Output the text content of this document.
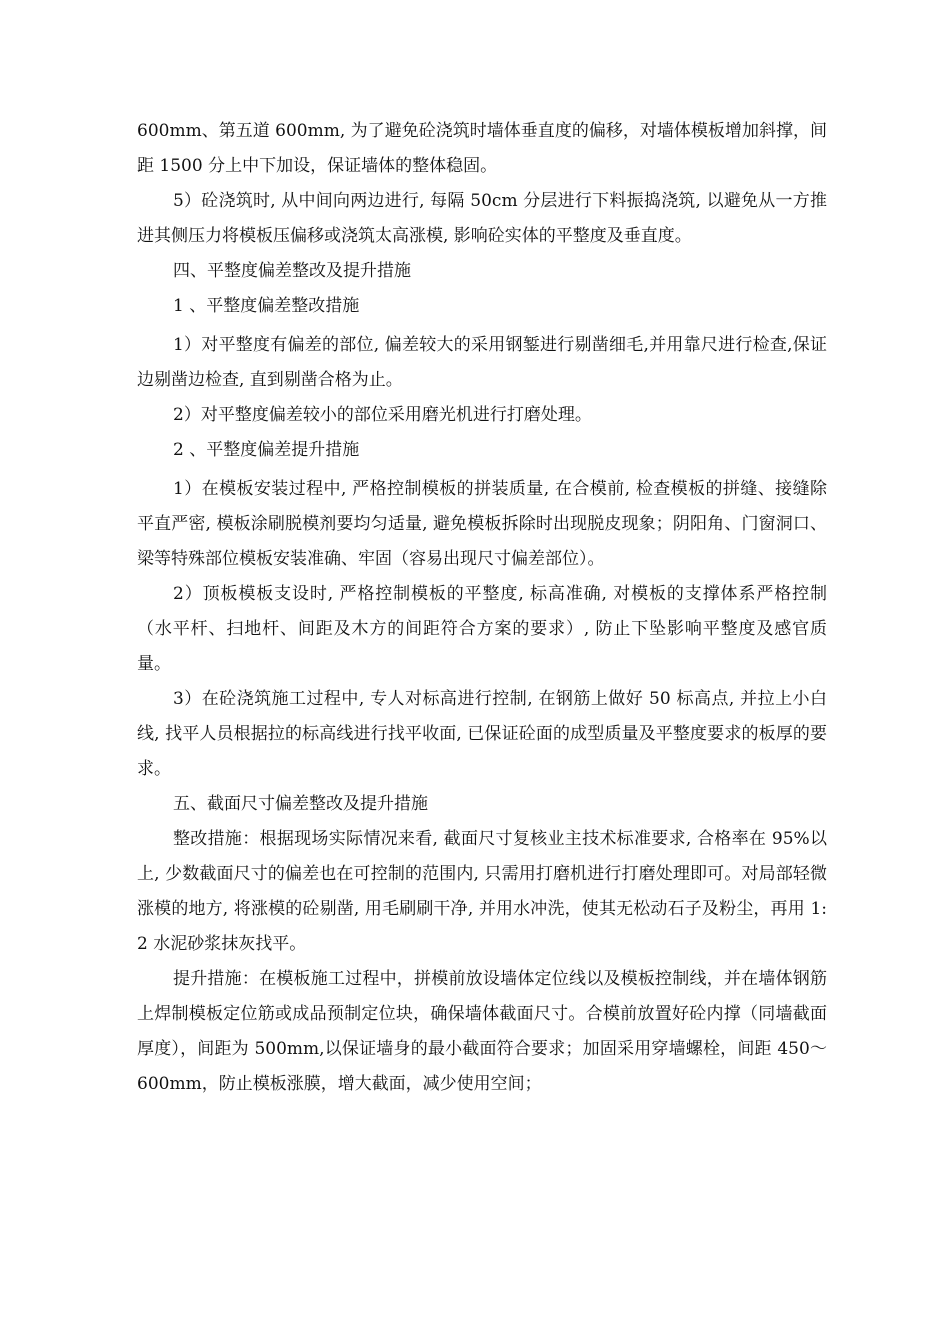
600mm、第五道 600mm, 为了避免砼浇筑时墙体垂直度的偏移，对墙体模板增加斜撑，间距 1500 分上中下加设，保证墙体的整体稳固。

5）砼浇筑时, 从中间向两边进行, 每隔 50cm 分层进行下料振捣浇筑, 以避免从一方推进其侧压力将模板压偏移或浇筑太高涨模, 影响砼实体的平整度及垂直度。

四、平整度偏差整改及提升措施

1 、平整度偏差整改措施

1）对平整度有偏差的部位, 偏差较大的采用钢錾进行剔凿细毛,并用靠尺进行检查,保证边剔凿边检查, 直到剔凿合格为止。

2）对平整度偏差较小的部位采用磨光机进行打磨处理。

2 、平整度偏差提升措施

1）在模板安装过程中, 严格控制模板的拼装质量, 在合模前, 检查模板的拼缝、接缝除平直严密, 模板涂刷脱模剂要均匀适量, 避免模板拆除时出现脱皮现象；阴阳角、门窗洞口、梁等特殊部位模板安装准确、牢固（容易出现尺寸偏差部位）。

2）顶板模板支设时, 严格控制模板的平整度, 标高准确, 对模板的支撑体系严格控制（水平杆、扫地杆、间距及木方的间距符合方案的要求）, 防止下坠影响平整度及感官质量。

3）在砼浇筑施工过程中, 专人对标高进行控制, 在钢筋上做好 50 标高点, 并拉上小白线, 找平人员根据拉的标高线进行找平收面, 已保证砼面的成型质量及平整度要求的板厚的要求。

五、截面尺寸偏差整改及提升措施

整改措施：根据现场实际情况来看, 截面尺寸复核业主技术标准要求, 合格率在 95%以上, 少数截面尺寸的偏差也在可控制的范围内, 只需用打磨机进行打磨处理即可。对局部轻微涨模的地方, 将涨模的砼剔凿, 用毛刷刷干净, 并用水冲洗，使其无松动石子及粉尘，再用 1:2 水泥砂浆抹灰找平。

提升措施：在模板施工过程中，拼模前放设墙体定位线以及模板控制线，并在墙体钢筋上焊制模板定位筋或成品预制定位块，确保墙体截面尺寸。合模前放置好砼内撑（同墙截面厚度），间距为 500mm,以保证墙身的最小截面符合要求；加固采用穿墙螺栓，间距 450〜600mm，防止模板涨膜，增大截面，减少使用空间；
